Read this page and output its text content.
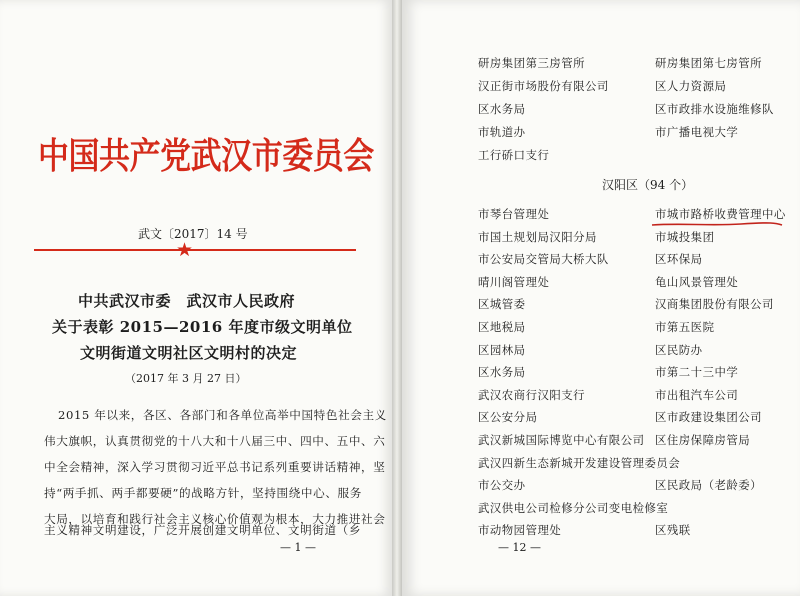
中国共产党武汉市委员会
武文〔2017〕14 号
★
中共武汉市委　武汉市人民政府
关于表彰 2015—2016 年度市级文明单位
文明街道文明社区文明村的决定
（2017 年 3 月 27 日）
2015 年以来，各区、各部门和各单位高举中国特色社会主义
伟大旗帜，认真贯彻党的十八大和十八届三中、四中、五中、六
中全会精神，深入学习贯彻习近平总书记系列重要讲话精神，坚
持“两手抓、两手都要硬”的战略方针，坚持围绕中心、服务
大局，以培育和践行社会主义核心价值观为根本，大力推进社会
主义精神文明建设，广泛开展创建文明单位、文明街道（乡
— 1 —
研房集团第三房管所	研房集团第七房管所
汉正街市场股份有限公司	区人力资源局
区水务局	区市政排水设施维修队
市轨道办	市广播电视大学
工行硚口支行
市琴台管理处	市城市路桥收费管理中心
市国土规划局汉阳分局	市城投集团
市公安局交管局大桥大队	区环保局
晴川阁管理处	龟山风景管理处
区城管委	汉商集团股份有限公司
区地税局	市第五医院
区园林局	区民防办
区水务局	市第二十三中学
武汉农商行汉阳支行	市出租汽车公司
区公安分局	区市政建设集团公司
武汉新城国际博览中心有限公司 区住房保障房管局
武汉四新生态新城开发建设管理委员会
市公交办	区民政局（老龄委）
武汉供电公司检修分公司变电检修室
市动物园管理处	区残联
汉阳区（94 个）
— 12 —
